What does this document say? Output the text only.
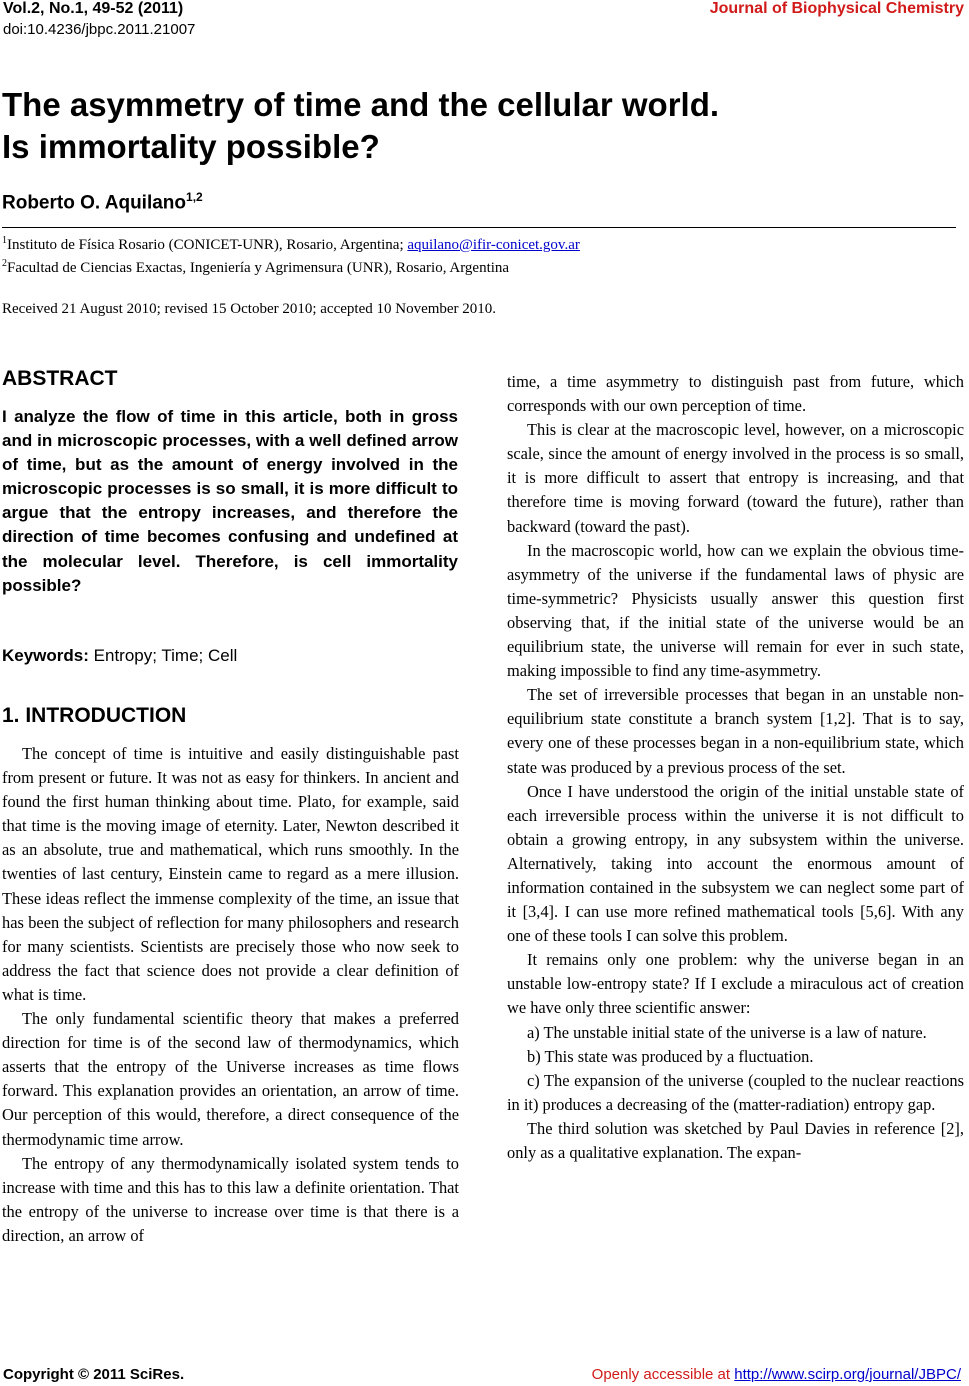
Vol.2, No.1, 49-52 (2011)
doi:10.4236/jbpc.2011.21007
Journal of Biophysical Chemistry
The asymmetry of time and the cellular world.
Is immortality possible?
Roberto O. Aquilano$^{1,2}$
$^1$Instituto de Física Rosario (CONICET-UNR), Rosario, Argentina; aquilano@ifir-conicet.gov.ar
$^2$Facultad de Ciencias Exactas, Ingeniería y Agrimensura (UNR), Rosario, Argentina
Received 21 August 2010; revised 15 October 2010; accepted 10 November 2010.
ABSTRACT
I analyze the flow of time in this article, both in gross and in microscopic processes, with a well defined arrow of time, but as the amount of energy involved in the microscopic processes is so small, it is more difficult to argue that the entropy increases, and therefore the direction of time becomes confusing and undefined at the molecular level. Therefore, is cell immortality possible?
Keywords: Entropy; Time; Cell
1. INTRODUCTION

The concept of time is intuitive and easily distinguishable past from present or future. It was not as easy for thinkers. In ancient and found the first human thinking about time. Plato, for example, said that time is the moving image of eternity. Later, Newton described it as an absolute, true and mathematical, which runs smoothly. In the twenties of last century, Einstein came to regard as a mere illusion. These ideas reflect the immense complexity of the time, an issue that has been the subject of reflection for many philosophers and research for many scientists. Scientists are precisely those who now seek to address the fact that science does not provide a clear definition of what is time.

The only fundamental scientific theory that makes a preferred direction for time is of the second law of thermodynamics, which asserts that the entropy of the Universe increases as time flows forward. This explanation provides an orientation, an arrow of time. Our perception of this would, therefore, a direct consequence of the thermodynamic time arrow.

The entropy of any thermodynamically isolated system tends to increase with time and this has to this law a definite orientation. That the entropy of the universe to increase over time is that there is a direction, an arrow of

time, a time asymmetry to distinguish past from future, which corresponds with our own perception of time.

This is clear at the macroscopic level, however, on a microscopic scale, since the amount of energy involved in the process is so small, it is more difficult to assert that entropy is increasing, and that therefore time is moving forward (toward the future), rather than backward (toward the past).

In the macroscopic world, how can we explain the obvious time-asymmetry of the universe if the fundamental laws of physic are time-symmetric? Physicists usually answer this question first observing that, if the initial state of the universe would be an equilibrium state, the universe will remain for ever in such state, making impossible to find any time-asymmetry.

The set of irreversible processes that began in an unstable non-equilibrium state constitute a branch system [1,2]. That is to say, every one of these processes began in a non-equilibrium state, which state was produced by a previous process of the set.

Once I have understood the origin of the initial unstable state of each irreversible process within the universe it is not difficult to obtain a growing entropy, in any subsystem within the universe. Alternatively, taking into account the enormous amount of information contained in the subsystem we can neglect some part of it [3,4]. I can use more refined mathematical tools [5,6]. With any one of these tools I can solve this problem.

It remains only one problem: why the universe began in an unstable low-entropy state? If I exclude a miraculous act of creation we have only three scientific answer:

a) The unstable initial state of the universe is a law of nature.

b) This state was produced by a fluctuation.

c) The expansion of the universe (coupled to the nuclear reactions in it) produces a decreasing of the (matter-radiation) entropy gap.

The third solution was sketched by Paul Davies in reference [2], only as a qualitative explanation. The expan-

Copyright © 2011 SciRes.	Openly accessible at http://www.scirp.org/journal/JBPC/
